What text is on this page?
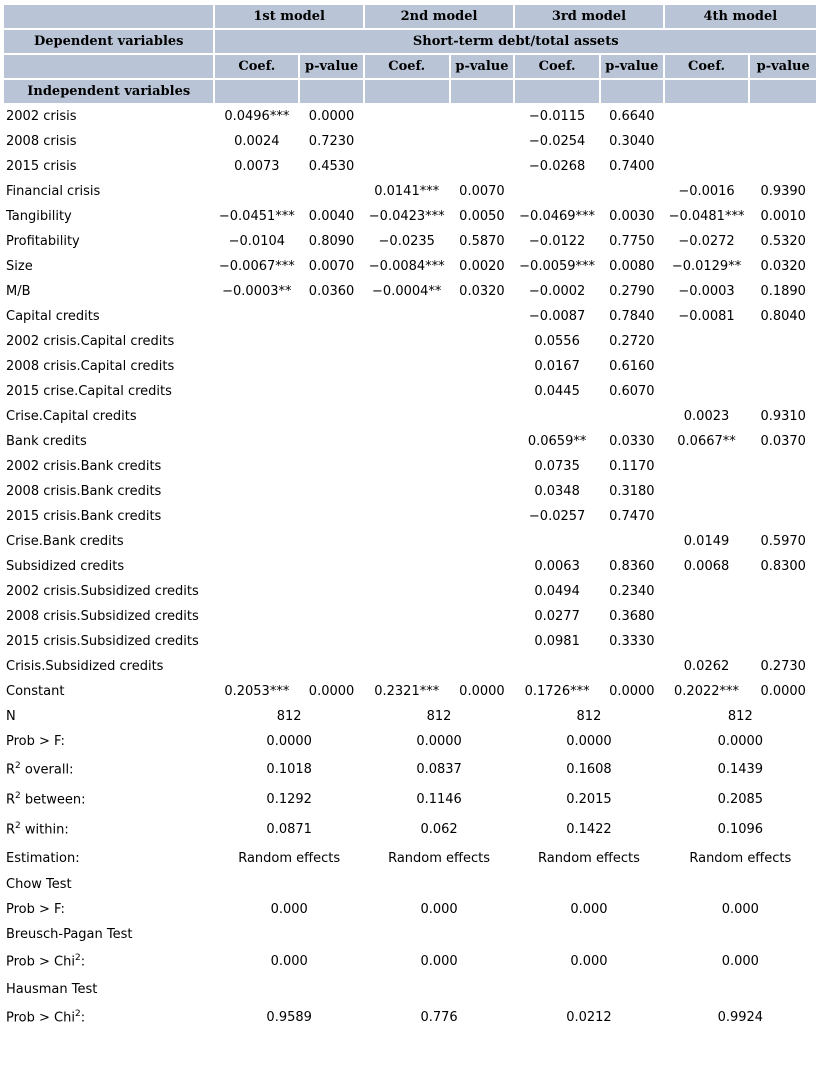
	1st model		2nd model		3rd model		4th model	
Dependent variables	Short-term debt/total assets							
	Coef.	p-value	Coef.	p-value	Coef.	p-value	Coef.	p-value
Independent variables								
2002 crisis	0.0496***	0.0000			−0.0115	0.6640		
2008 crisis	0.0024	0.7230			−0.0254	0.3040		
2015 crisis	0.0073	0.4530			−0.0268	0.7400		
Financial crisis			0.0141***	0.0070			−0.0016	0.9390
Tangibility	−0.0451***	0.0040	−0.0423***	0.0050	−0.0469***	0.0030	−0.0481***	0.0010
Profitability	−0.0104	0.8090	−0.0235	0.5870	−0.0122	0.7750	−0.0272	0.5320
Size	−0.0067***	0.0070	−0.0084***	0.0020	−0.0059***	0.0080	−0.0129**	0.0320
M/B	−0.0003**	0.0360	−0.0004**	0.0320	−0.0002	0.2790	−0.0003	0.1890
Capital credits					−0.0087	0.7840	−0.0081	0.8040
2002 crisis.Capital credits					0.0556	0.2720		
2008 crisis.Capital credits					0.0167	0.6160		
2015 crise.Capital credits					0.0445	0.6070		
Crise.Capital credits							0.0023	0.9310
Bank credits					0.0659**	0.0330	0.0667**	0.0370
2002 crisis.Bank credits					0.0735	0.1170		
2008 crisis.Bank credits					0.0348	0.3180		
2015 crisis.Bank credits					−0.0257	0.7470		
Crise.Bank credits							0.0149	0.5970
Subsidized credits					0.0063	0.8360	0.0068	0.8300
2002 crisis.Subsidized credits					0.0494	0.2340		
2008 crisis.Subsidized credits					0.0277	0.3680		
2015 crisis.Subsidized credits					0.0981	0.3330		
Crisis.Subsidized credits							0.0262	0.2730
Constant	0.2053***	0.0000	0.2321***	0.0000	0.1726***	0.0000	0.2022***	0.0000
N	812		812		812		812	
Prob > F:	0.0000		0.0000		0.0000		0.0000	
$R^2$ overall:	0.1018		0.0837		0.1608		0.1439	
$R^2$ between:	0.1292		0.1146		0.2015		0.2085	
$R^2$ within:	0.0871		0.062		0.1422		0.1096	
Estimation:	Random effects		Random effects		Random effects		Random effects	
Chow Test								
Prob > F:	0.000		0.000		0.000		0.000	
Breusch-Pagan Test								
Prob > Chi$^2$:	0.000		0.000		0.000		0.000	
Hausman Test								
Prob > Chi$^2$:	0.9589		0.776		0.0212		0.9924	
